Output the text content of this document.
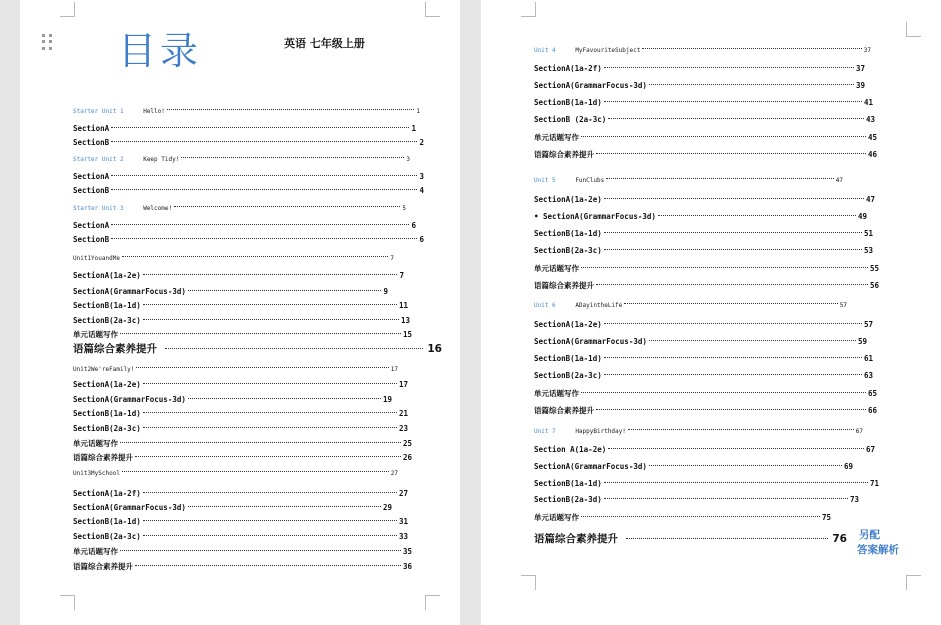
目录	英语 七年级上册
Starter Unit 1	Hello!	1
SectionA	1
SectionB	2
Starter Unit 2	Keep Tidy!	3
SectionA	3
SectionB	4
Starter Unit 3	Welcome!	5
SectionA	6
SectionB	6
Unit1YouandMe	7
SectionA(1a-2e)	7
SectionA(GrammarFocus-3d)	9
SectionB(1a-1d)	11
SectionB(2a-3c)	13
单元话题写作	15
语篇综合素养提升	16
Unit2We'reFamily!	17
SectionA(1a-2e)	17
SectionA(GrammarFocus-3d)	19
SectionB(1a-1d)	21
SectionB(2a-3c)	23
单元话题写作	25
语篇综合素养提升	26
Unit3MySchool	27
SectionA(1a-2f)	27
SectionA(GrammarFocus-3d)	29
SectionB(1a-1d)	31
SectionB(2a-3c)	33
单元话题写作	35
语篇综合素养提升	36
Unit 4	MyFavouriteSubject	37
SectionA(1a-2f)	37
SectionA(GrammarFocus-3d)	39
SectionB(1a-1d)	41
SectionB (2a-3c)	43
单元话题写作	45
语篇综合素养提升	46
Unit 5	FunClubs	47
SectionA(1a-2e)	47
• SectionA(GrammarFocus-3d)	49
SectionB(1a-1d)	51
SectionB(2a-3c)	53
单元话题写作	55
语篇综合素养提升	56
Unit 6	ADayintheLife	57
SectionA(1a-2e)	57
SectionA(GrammarFocus-3d)	59
SectionB(1a-1d)	61
SectionB(2a-3c)	63
单元话题写作	65
语篇综合素养提升	66
Unit 7	HappyBirthday!	67
Section A(1a-2e)	67
SectionA(GrammarFocus-3d)	69
SectionB(1a-1d)	71
SectionB(2a-3d)	73
单元话题写作	75
语篇综合素养提升	76 另配
答案解析
